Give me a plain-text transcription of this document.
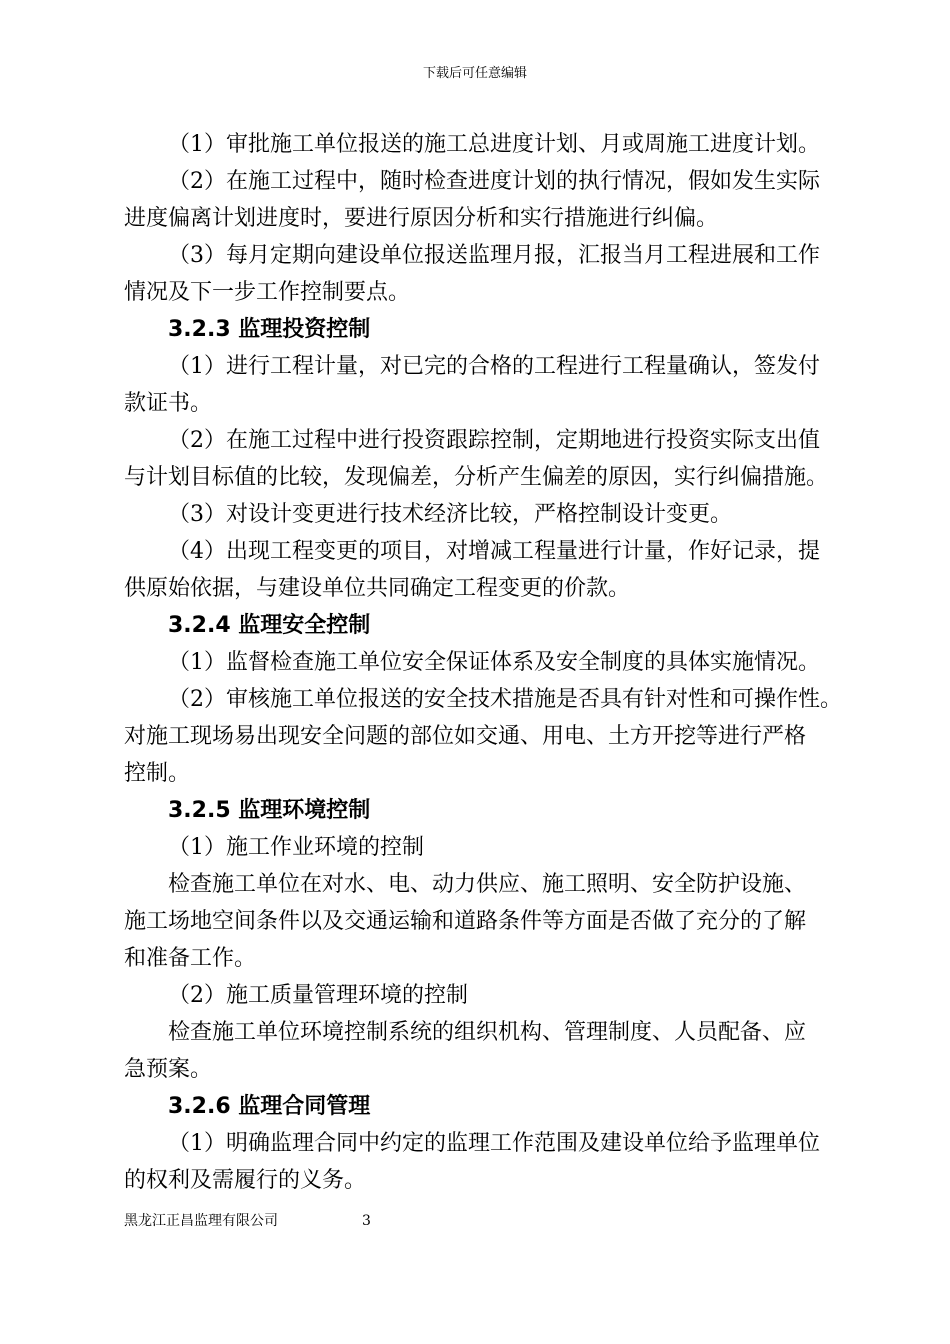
下载后可任意编辑

（1）审批施工单位报送的施工总进度计划、月或周施工进度计划。

（2）在施工过程中，随时检查进度计划的执行情况，假如发生实际
进度偏离计划进度时，要进行原因分析和实行措施进行纠偏。

（3）每月定期向建设单位报送监理月报，汇报当月工程进展和工作
情况及下一步工作控制要点。

3.2.3 监理投资控制

（1）进行工程计量，对已完的合格的工程进行工程量确认，签发付
款证书。

（2）在施工过程中进行投资跟踪控制，定期地进行投资实际支出值
与计划目标值的比较，发现偏差，分析产生偏差的原因，实行纠偏措施。

（3）对设计变更进行技术经济比较，严格控制设计变更。

（4）出现工程变更的项目，对增减工程量进行计量，作好记录，提
供原始依据，与建设单位共同确定工程变更的价款。

3.2.4 监理安全控制

（1）监督检查施工单位安全保证体系及安全制度的具体实施情况。

（2）审核施工单位报送的安全技术措施是否具有针对性和可操作性。
对施工现场易出现安全问题的部位如交通、用电、土方开挖等进行严格
控制。

3.2.5 监理环境控制

（1）施工作业环境的控制

检查施工单位在对水、电、动力供应、施工照明、安全防护设施、
施工场地空间条件以及交通运输和道路条件等方面是否做了充分的了解
和准备工作。

（2）施工质量管理环境的控制

检查施工单位环境控制系统的组织机构、管理制度、人员配备、应
急预案。

3.2.6 监理合同管理

（1）明确监理合同中约定的监理工作范围及建设单位给予监理单位
的权利及需履行的义务。

黑龙江正昌监理有限公司	3
